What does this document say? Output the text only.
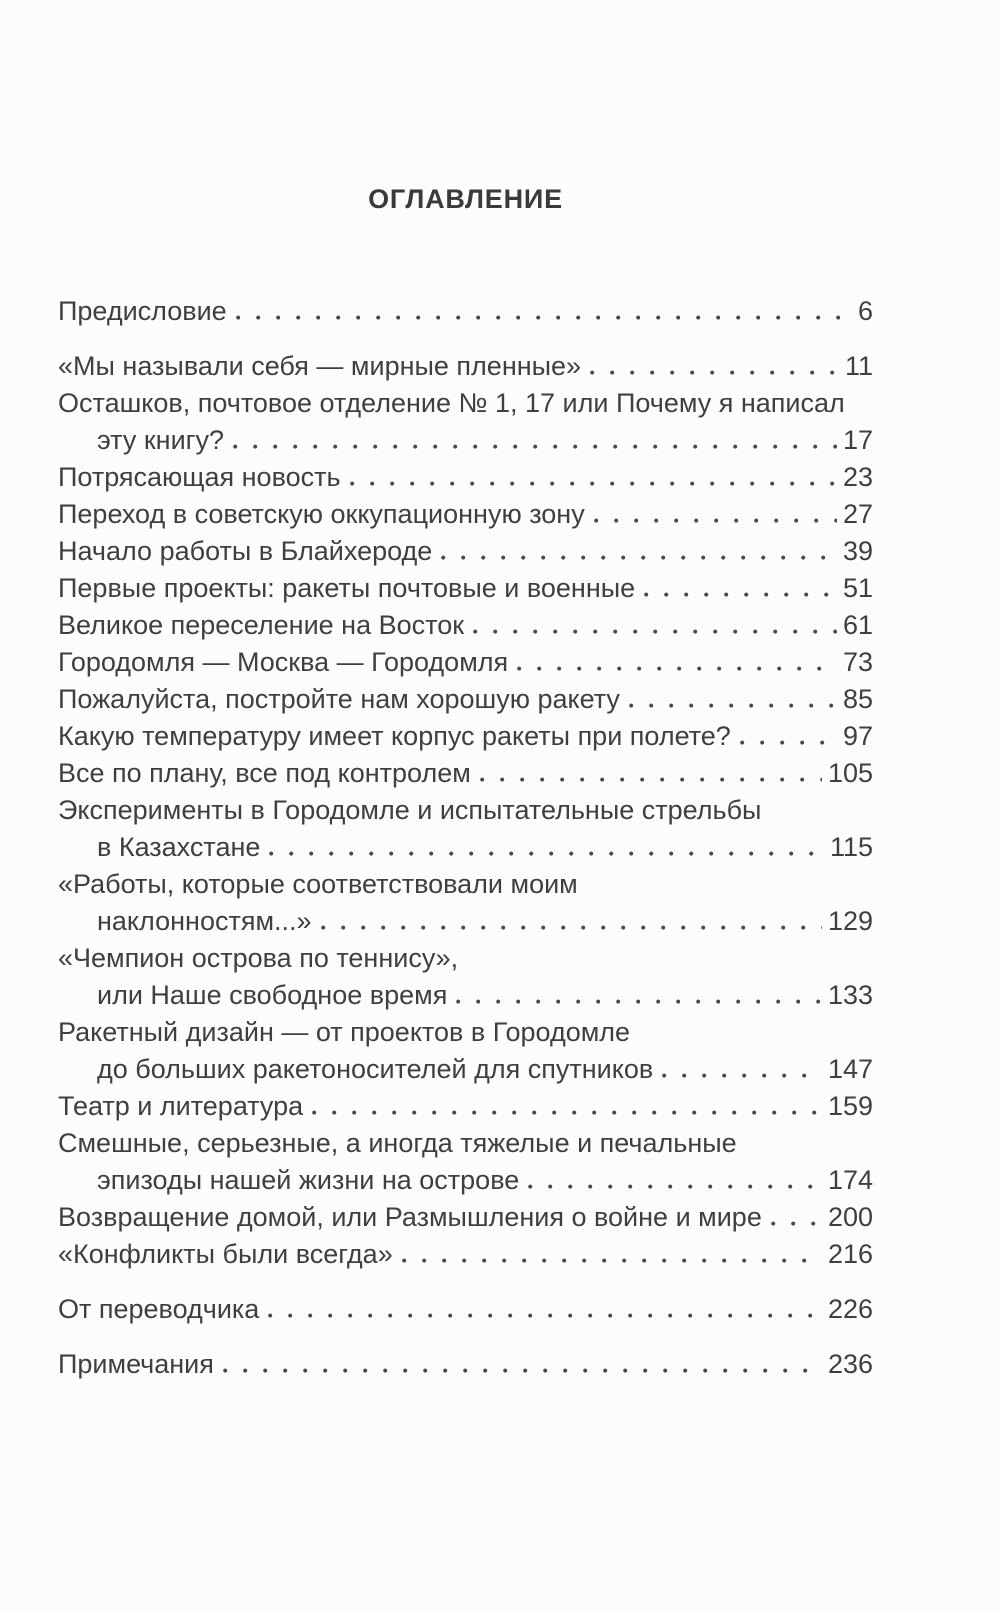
ОГЛАВЛЕНИЕ
Предисловие	6
«Мы называли себя — мирные пленные»	11
Осташков, почтовое отделение № 1, 17 или Почему я написал
эту книгу?	17
Потрясающая новость	23
Переход в советскую оккупационную зону	27
Начало работы в Блайхероде	39
Первые проекты: ракеты почтовые и военные	51
Великое переселение на Восток	61
Городомля — Москва — Городомля	73
Пожалуйста, постройте нам хорошую ракету	85
Какую температуру имеет корпус ракеты при полете?	97
Все по плану, все под контролем	105
Эксперименты в Городомле и испытательные стрельбы
в Казахстане	115
«Работы, которые соответствовали моим
наклонностям...»	129
«Чемпион острова по теннису»,
или Наше свободное время	133
Ракетный дизайн — от проектов в Городомле
до больших ракетоносителей для спутников	147
Театр и литература	159
Смешные, серьезные, а иногда тяжелые и печальные
эпизоды нашей жизни на острове	174
Возвращение домой, или Размышления о войне и мире 200
«Конфликты были всегда»	216
От переводчика	226
Примечания	236
